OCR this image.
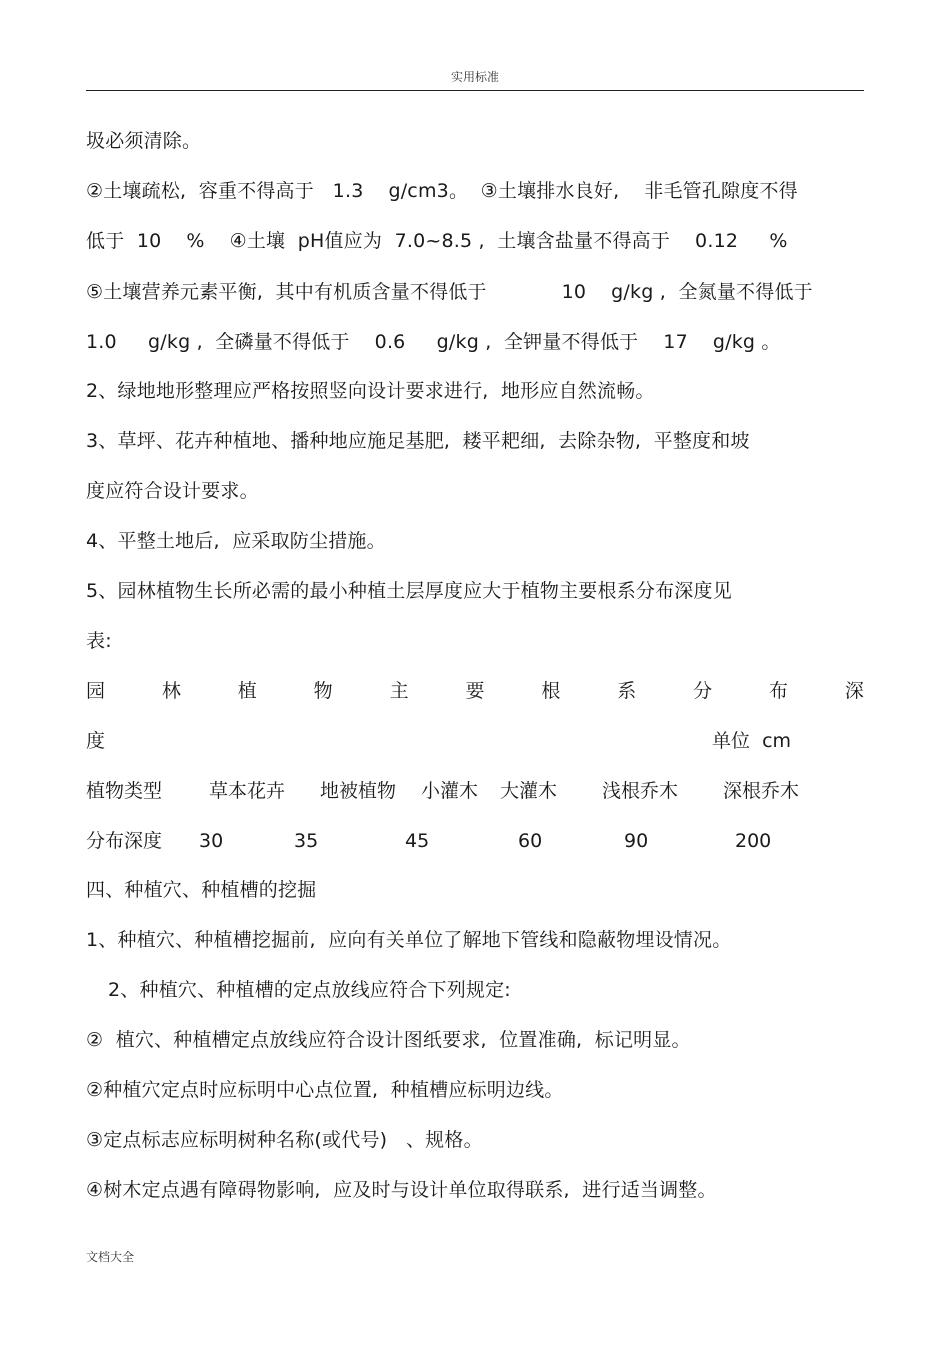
实用标准
圾必须清除。
②土壤疏松,  容重不得高于   1.3    g/cm3。  ③土壤排水良好,    非毛管孔隙度不得
低于  10    %    ④土壤  pH值应为  7.0~8.5 ,  土壤含盐量不得高于    0.12     %
⑤土壤营养元素平衡,  其中有机质含量不得低于            10    g/kg ,  全氮量不得低于
1.0     g/kg ,  全磷量不得低于    0.6     g/kg ,  全钾量不得低于    17    g/kg 。
2、绿地地形整理应严格按照竖向设计要求进行,  地形应自然流畅。
3、草坪、花卉种植地、播种地应施足基肥,  耧平耙细,  去除杂物,  平整度和坡
度应符合设计要求。
4、平整土地后,  应采取防尘措施。
5、园林植物生长所必需的最小种植土层厚度应大于植物主要根系分布深度见
表:
园	林	植	物	主	要	根	系	分	布	深
度	单位  cm
植物类型 草本花卉 地被植物 小灌木 大灌木 浅根乔木 深根乔木
分布深度 30	35	45	60	90	200
四、种植穴、种植槽的挖掘
1、种植穴、种植槽挖掘前,  应向有关单位了解地下管线和隐蔽物埋设情况。
2、种植穴、种植槽的定点放线应符合下列规定:
②  植穴、种植槽定点放线应符合设计图纸要求,  位置准确,  标记明显。
②种植穴定点时应标明中心点位置,  种植槽应标明边线。
③定点标志应标明树种名称(或代号)   、规格。
④树木定点遇有障碍物影响,  应及时与设计单位取得联系,  进行适当调整。
文档大全
